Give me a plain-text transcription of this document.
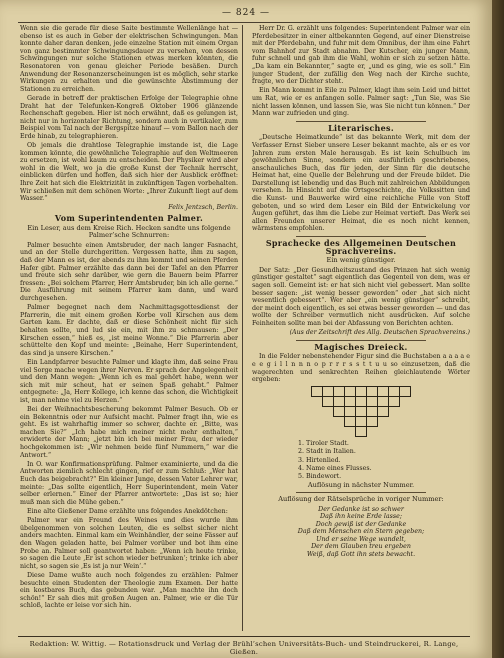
— 824 —

Wenn sie die gerade für diese Saite bestimmte Wellenlänge hat — ebenso ist es auch in Geber der elektrischen Schwingungen. Man konnte daher daran denken, jede einzelne Station mit einem Organ von ganz bestimmter Schwingungsdauer zu versehen, von dessen Schwingungen nur solche Stationen etwas merken könnten, die Resonatoren von genau gleicher Periode besäßen. Durch Anwendung der Resonanzerscheinungen ist es möglich, sehr starke Wirkungen zu erhalten und die gewünschte Abstimmung der Stationen zu erreichen.

Gerade in betreff der praktischen Erfolge der Telegraphie ohne Draht hat der Telefunken-Kongreß Oktober 1906 glänzende Rechenschaft gegeben. Hier ist noch erwähnt, daß es gelungen ist, nicht nur in horizontaler Richtung, sondern auch in vertikaler, zum Beispiel vom Tal nach der Bergspitze hinauf — vom Ballon nach der Erde hinab, zu telegraphieren.

Ob jemals die drahtlose Telegraphie imstande ist, die Lage kommen könnte, die gewöhnliche Telegraphie auf den Weltmeeren zu ersetzen, ist wohl kaum zu entscheiden. Der Physiker wird aber wohl in die Welt, wo ja die große Kunst der Technik herrscht, einblicken dürfen und hoffen, daß sich hier der Ausblick eröffnet: Ihre Zeit hat sich die Elektrizität in zukünftigen Tagen vorbehalten. Wir schließen mit dem schönen Worte: „Ihrer Zukunft liegt auf dem Wasser.“

Felix Jentzsch, Berlin.
Vom Superintendenten Palmer.
Ein Leser, aus dem Kreise Rich. Hecken sandte uns folgende Palmer’sche Schnurren:

Palmer besuchte einen Amtsbruder, der nach langer Fasnacht, und an der Stelle durchgeritten. Vergessen hatte, ihm zu sagen, daß der Mann es ist, der abends zu ihm kommt und seinen Pferden Hafer gibt. Palmer erzählte das dann bei der Tafel an den Pfarrer und freute sich sehr darüber, wie gern die Bauern beim Pfarrer fressen: „Bei solchem Pfarrer, Herr Amtsbruder, bin ich alle gerne.“ Die Ausführung mit seinem Pfarrer kam dann, und ward durchgesehen.

Palmer begegnet nach dem Nachmittagsgottesdienst der Pfarrerin, die mit einem großen Korbe voll Kirschen aus dem Garten kam. Er dachte, daß er diese Schönheit nicht für sich behalten sollte, und lud sie ein, mit ihm zu schmausen: „Der Kirschen essen,“ hieß es, „ist meine Wonne.“ Die Pfarrerin aber schüttelte den Kopf und meinte: „Beinahe, Herr Superintendent, das sind ja unsere Kirschen.“

Ein Landpfarrer besuchte Palmer und klagte ihm, daß seine Frau viel Sorge mache wegen ihrer Nerven. Er sprach der Angelegenheit und den Mann wegen: „Wenn ich es mal gehört habe, wenn wer sich mit mir scheut, hat er seinen Spaß gehabt.“ Palmer entgegnete: „Ja, Herr Kollege, ich kenne das schon, die Wichtigkeit ist, man nehme viel zu Herzen.“

Bei der Weihnachtsbescherung bekommt Palmer Besuch. Ob er ein Bekenntnis oder nur Aufsicht macht. Palmer fragt ihn, wie es geht. Es ist wahrhaftig immer so schwer, dachte er. „Bitte, was machen Sie?“ „Ich habe mich meiner nicht mehr enthalten,“ erwiderte der Mann; „jetzt bin ich bei meiner Frau, der wieder hochgekommen ist: „Wir nehmen beide fünf Nummern,“ war die Antwort.“

In O. war Konfirmationsprüfung. Palmer examinierte, und da die Antworten ziemlich schlecht gingen, rief er zum Schluß: „Wer hat Euch das beigebracht?“ Ein kleiner Junge, dessen Vater Lehrer war, meinte: „Das sollte eigentlich, Herr Superintendent, mein Vater selber erlernen.“ Einer der Pfarrer antwortete: „Das ist so; hier muß man sich die Mühe geben.“

Eine alte Gießener Dame erzählte uns folgendes Anekdötchen:

Palmer war ein Freund des Weines und dies wurde ihm übelgenommen von solchen Leuten, die es selbst sicher nicht anders machten. Einmal kam ein Weinhändler, der seine Fässer auf den Wagen geladen hatte, bei Palmer vorüber und bot ihm eine Probe an. Palmer soll geantwortet haben: „Wenn ich heute trinke, so sagen die Leute ‚Er ist schon wieder betrunken‘; trinke ich aber nicht, so sagen sie ‚Es ist ja nur Wein‘.“

Diese Dame wußte auch noch folgendes zu erzählen: Palmer besuchte einen Studenten der Theologie zum Examen. Der hatte ein kostbares Buch, das gebunden war. „Man machte ihn doch schön!“ Er sah dies mit großen Augen an. Palmer, wie er die Tür schloß, lachte er leise vor sich hin.

Herr Dr. G. erzählt uns folgendes: Superintendent Palmer war ein Pferdebesitzer in einer altbekannten Gegend, auf einer Dienstreise mit der Pferdebahn, und fuhr mit dem Omnibus, der ihm eine Fahrt vom Bahnhof zur Stadt abnahm. Der Kutscher, ein junger Mann, fuhr schnell und gab ihm die Wahl, wohin er sich zu setzen hätte. „Da kam ein Bekannter,“ sagte er, „und es ging, wie es soll.“ Ein junger Student, der zufällig den Weg nach der Kirche suchte, fragte, wo der Dichter steht.

Ein Mann kommt in Eile zu Palmer, klagt ihm sein Leid und bittet um Rat, wie er es anfangen solle. Palmer sagt: „Tun Sie, was Sie nicht lassen können, und lassen Sie, was Sie nicht tun können.“ Der Mann war zufrieden und ging.

Literarisches.

„Deutsche Heimatkunde“ ist das bekannte Werk, mit dem der Verfasser Ernst Sieber unsere Leser bekannt machte, als er es vor Jahren zum ersten Male herausgab. Es ist kein Schulbuch im gewöhnlichen Sinne, sondern ein ausführlich geschriebenes, anschauliches Buch, das für jeden, der Sinn für die deutsche Heimat hat, eine Quelle der Belehrung und der Freude bildet. Die Darstellung ist lebendig und das Buch mit zahlreichen Abbildungen versehen. In Hinsicht auf die Ortsgeschichte, die Volkssitten und die Kunst- und Bauwerke wird eine reichliche Fülle von Stoff geboten, und so wird dem Leser ein Bild der Entwickelung vor Augen geführt, das ihm die Liebe zur Heimat vertieft. Das Werk sei allen Freunden unserer Heimat, die es noch nicht kennen, wärmstens empfohlen.

Sprachecke des Allgemeinen Deutschen Sprachvereins.
Ein wenig günstiger.

Der Satz: „Der Gesundheitszustand des Prinzen hat sich wenig günstiger gestaltet“ sagt eigentlich das Gegenteil von dem, was er sagen soll. Gemeint ist: er hat sich nicht viel gebessert. Man sollte besser sagen: „ist wenig besser geworden“ oder „hat sich nicht wesentlich gebessert“. Wer aber „ein wenig günstiger“ schreibt, der meint doch eigentlich, es sei etwas besser geworden — und das wollte der Schreiber vermutlich nicht ausdrücken. Auf solche Feinheiten sollte man bei der Abfassung von Berichten achten.

(Aus der Zeitschrift des Allg. Deutschen Sprachvereins.)
Magisches Dreieck.

In die Felder nebenstehender Figur sind die Buchstaben a a a a e e e g i l l n n n o p r r r s s t t u u so einzusetzen, daß die wagerechten und senkrechten Reihen gleichlautende Wörter ergeben:

1. Tiroler Stadt.
2. Stadt in Italien.
3. Hirtenlied.
4. Name eines Flusses.
5. Bindewort.
Auflösung in nächster Nummer.
Auflösung der Rätselsprüche in voriger Nummer:
Der Gedanke ist so schwer
Daß ihn keine Erde lasse;
Doch gewiß ist der Gedanke
Daß dem Menschen ein Stern gegeben;
Und er seine Wege wandelt,
Der dem Glauben treu ergeben
Weiß, daß Gott ihn stets bewacht.
Redaktion: W. Wittig. — Rotationsdruck und Verlag der Brühl’schen Universitäts-Buch- und Steindruckerei, R. Lange, Gießen.
